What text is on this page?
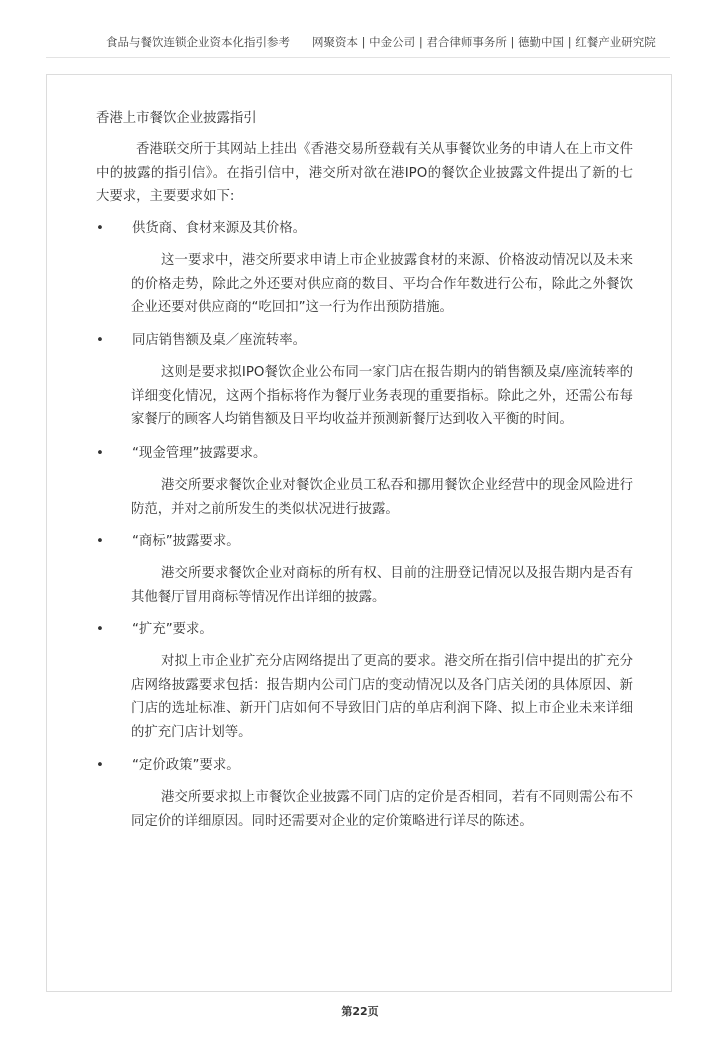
食品与餐饮连锁企业资本化指引参考 网聚资本 | 中金公司 | 君合律师事务所 | 德勤中国 | 红餐产业研究院
香港上市餐饮企业披露指引

香港联交所于其网站上挂出《香港交易所登载有关从事餐饮业务的申请人在上市文件中的披露的指引信》。在指引信中，港交所对欲在港IPO的餐饮企业披露文件提出了新的七大要求，主要要求如下:

• 供货商、食材来源及其价格。

这一要求中，港交所要求申请上市企业披露食材的来源、价格波动情况以及未来的价格走势，除此之外还要对供应商的数目、平均合作年数进行公布，除此之外餐饮企业还要对供应商的“吃回扣”这一行为作出预防措施。

• 同店销售额及桌／座流转率。

这则是要求拟IPO餐饮企业公布同一家门店在报告期内的销售额及桌/座流转率的详细变化情况，这两个指标将作为餐厅业务表现的重要指标。除此之外，还需公布每家餐厅的顾客人均销售额及日平均收益并预测新餐厅达到收入平衡的时间。

• “现金管理”披露要求。

港交所要求餐饮企业对餐饮企业员工私吞和挪用餐饮企业经营中的现金风险进行防范，并对之前所发生的类似状况进行披露。

• “商标”披露要求。

港交所要求餐饮企业对商标的所有权、目前的注册登记情况以及报告期内是否有其他餐厅冒用商标等情况作出详细的披露。

• “扩充”要求。

对拟上市企业扩充分店网络提出了更高的要求。港交所在指引信中提出的扩充分店网络披露要求包括：报告期内公司门店的变动情况以及各门店关闭的具体原因、新门店的选址标准、新开门店如何不导致旧门店的单店利润下降、拟上市企业未来详细的扩充门店计划等。

• “定价政策”要求。

港交所要求拟上市餐饮企业披露不同门店的定价是否相同，若有不同则需公布不同定价的详细原因。同时还需要对企业的定价策略进行详尽的陈述。

第22页
